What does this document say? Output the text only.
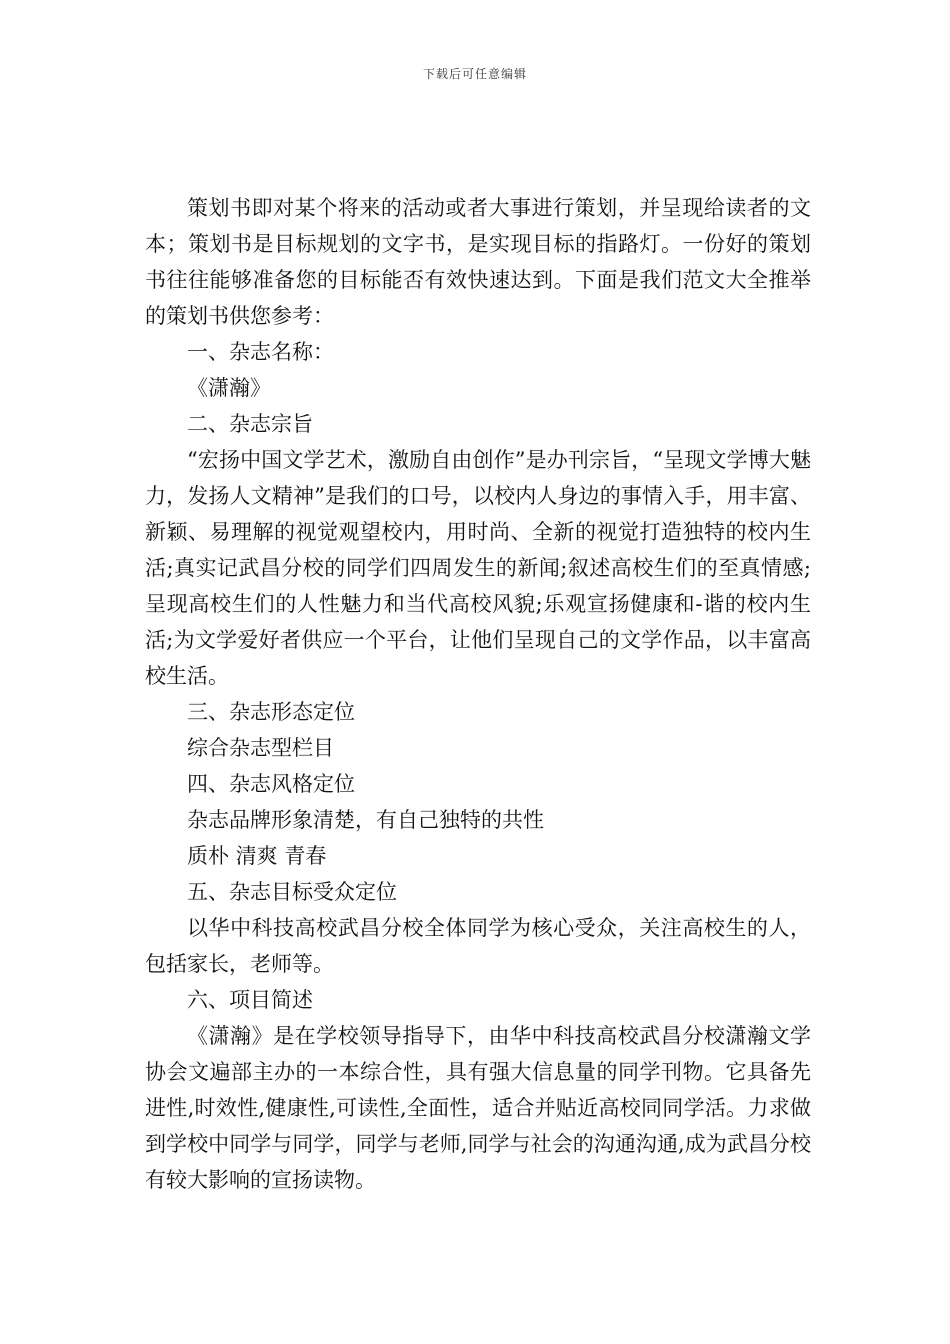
下载后可任意编辑

策划书即对某个将来的活动或者大事进行策划，并呈现给读者的文本；策划书是目标规划的文字书，是实现目标的指路灯。一份好的策划书往往能够准备您的目标能否有效快速达到。下面是我们范文大全推举的策划书供您参考：

一、杂志名称：

《潇瀚》

二、杂志宗旨

“宏扬中国文学艺术，激励自由创作”是办刊宗旨，“呈现文学博大魅力，发扬人文精神”是我们的口号，以校内人身边的事情入手，用丰富、新颖、易理解的视觉观望校内，用时尚、全新的视觉打造独特的校内生活;真实记武昌分校的同学们四周发生的新闻;叙述高校生们的至真情感;呈现高校生们的人性魅力和当代高校风貌;乐观宣扬健康和-谐的校内生活;为文学爱好者供应一个平台，让他们呈现自己的文学作品，以丰富高校生活。

三、杂志形态定位

综合杂志型栏目

四、杂志风格定位

杂志品牌形象清楚，有自己独特的共性

质朴 清爽 青春

五、杂志目标受众定位

以华中科技高校武昌分校全体同学为核心受众，关注高校生的人，包括家长，老师等。

六、项目简述

《潇瀚》是在学校领导指导下，由华中科技高校武昌分校潇瀚文学协会文遍部主办的一本综合性，具有强大信息量的同学刊物。它具备先进性,时效性,健康性,可读性,全面性，适合并贴近高校同同学活。力求做到学校中同学与同学，同学与老师,同学与社会的沟通沟通,成为武昌分校有较大影响的宣扬读物。
